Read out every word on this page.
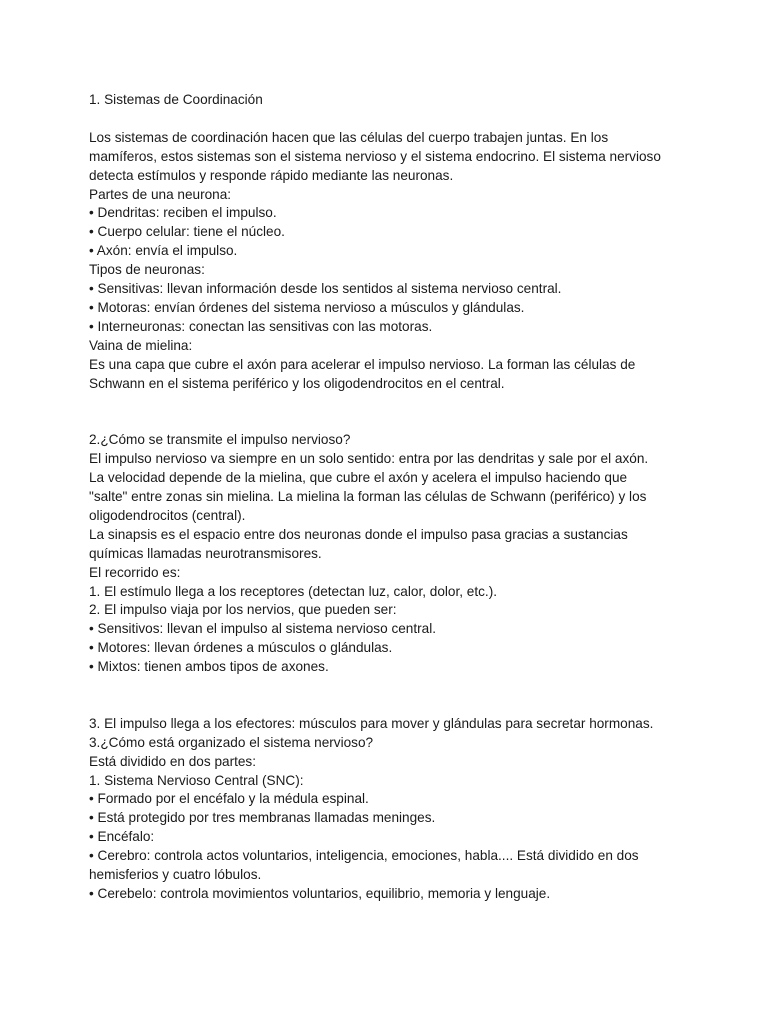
1. Sistemas de Coordinación
Los sistemas de coordinación hacen que las células del cuerpo trabajen juntas. En los
mamíferos, estos sistemas son el sistema nervioso y el sistema endocrino. El sistema nervioso
detecta estímulos y responde rápido mediante las neuronas.
Partes de una neurona:
• Dendritas: reciben el impulso.
• Cuerpo celular: tiene el núcleo.
• Axón: envía el impulso.
Tipos de neuronas:
• Sensitivas: llevan información desde los sentidos al sistema nervioso central.
• Motoras: envían órdenes del sistema nervioso a músculos y glándulas.
• Interneuronas: conectan las sensitivas con las motoras.
Vaina de mielina:
Es una capa que cubre el axón para acelerar el impulso nervioso. La forman las células de
Schwann en el sistema periférico y los oligodendrocitos en el central.
2.¿Cómo se transmite el impulso nervioso?
El impulso nervioso va siempre en un solo sentido: entra por las dendritas y sale por el axón.
La velocidad depende de la mielina, que cubre el axón y acelera el impulso haciendo que
"salte" entre zonas sin mielina. La mielina la forman las células de Schwann (periférico) y los
oligodendrocitos (central).
La sinapsis es el espacio entre dos neuronas donde el impulso pasa gracias a sustancias
químicas llamadas neurotransmisores.
El recorrido es:
1. El estímulo llega a los receptores (detectan luz, calor, dolor, etc.).
2. El impulso viaja por los nervios, que pueden ser:
• Sensitivos: llevan el impulso al sistema nervioso central.
• Motores: llevan órdenes a músculos o glándulas.
• Mixtos: tienen ambos tipos de axones.
3. El impulso llega a los efectores: músculos para mover y glándulas para secretar hormonas.
3.¿Cómo está organizado el sistema nervioso?
Está dividido en dos partes:
1. Sistema Nervioso Central (SNC):
• Formado por el encéfalo y la médula espinal.
• Está protegido por tres membranas llamadas meninges.
• Encéfalo:
• Cerebro: controla actos voluntarios, inteligencia, emociones, habla.... Está dividido en dos
hemisferios y cuatro lóbulos.
• Cerebelo: controla movimientos voluntarios, equilibrio, memoria y lenguaje.
